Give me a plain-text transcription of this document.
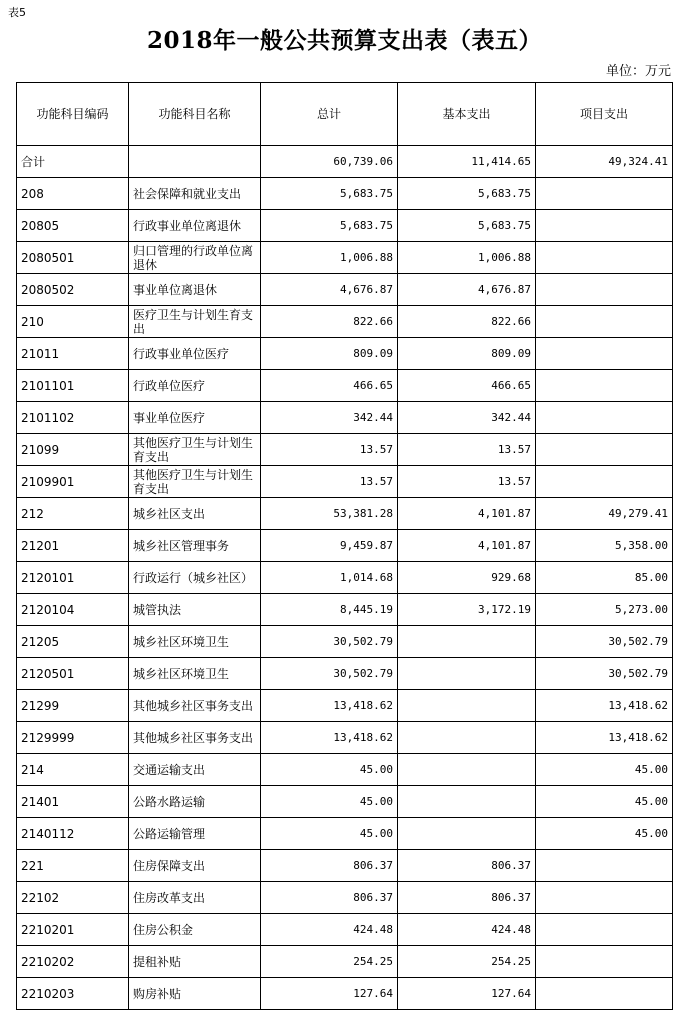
表5
2018年一般公共预算支出表（表五）
单位：万元
功能科目编码	功能科目名称	总计	基本支出	项目支出
合计		60,739.06	11,414.65	49,324.41
208	社会保障和就业支出	5,683.75	5,683.75	
20805	行政事业单位离退休	5,683.75	5,683.75	
2080501	归口管理的行政单位离退休	1,006.88	1,006.88	
2080502	事业单位离退休	4,676.87	4,676.87	
210	医疗卫生与计划生育支出	822.66	822.66	
21011	行政事业单位医疗	809.09	809.09	
2101101	行政单位医疗	466.65	466.65	
2101102	事业单位医疗	342.44	342.44	
21099	其他医疗卫生与计划生育支出	13.57	13.57	
2109901	其他医疗卫生与计划生育支出	13.57	13.57	
212	城乡社区支出	53,381.28	4,101.87	49,279.41
21201	城乡社区管理事务	9,459.87	4,101.87	5,358.00
2120101	行政运行（城乡社区）	1,014.68	929.68	85.00
2120104	城管执法	8,445.19	3,172.19	5,273.00
21205	城乡社区环境卫生	30,502.79		30,502.79
2120501	城乡社区环境卫生	30,502.79		30,502.79
21299	其他城乡社区事务支出	13,418.62		13,418.62
2129999	其他城乡社区事务支出	13,418.62		13,418.62
214	交通运输支出	45.00		45.00
21401	公路水路运输	45.00		45.00
2140112	公路运输管理	45.00		45.00
221	住房保障支出	806.37	806.37	
22102	住房改革支出	806.37	806.37	
2210201	住房公积金	424.48	424.48	
2210202	提租补贴	254.25	254.25	
2210203	购房补贴	127.64	127.64	
